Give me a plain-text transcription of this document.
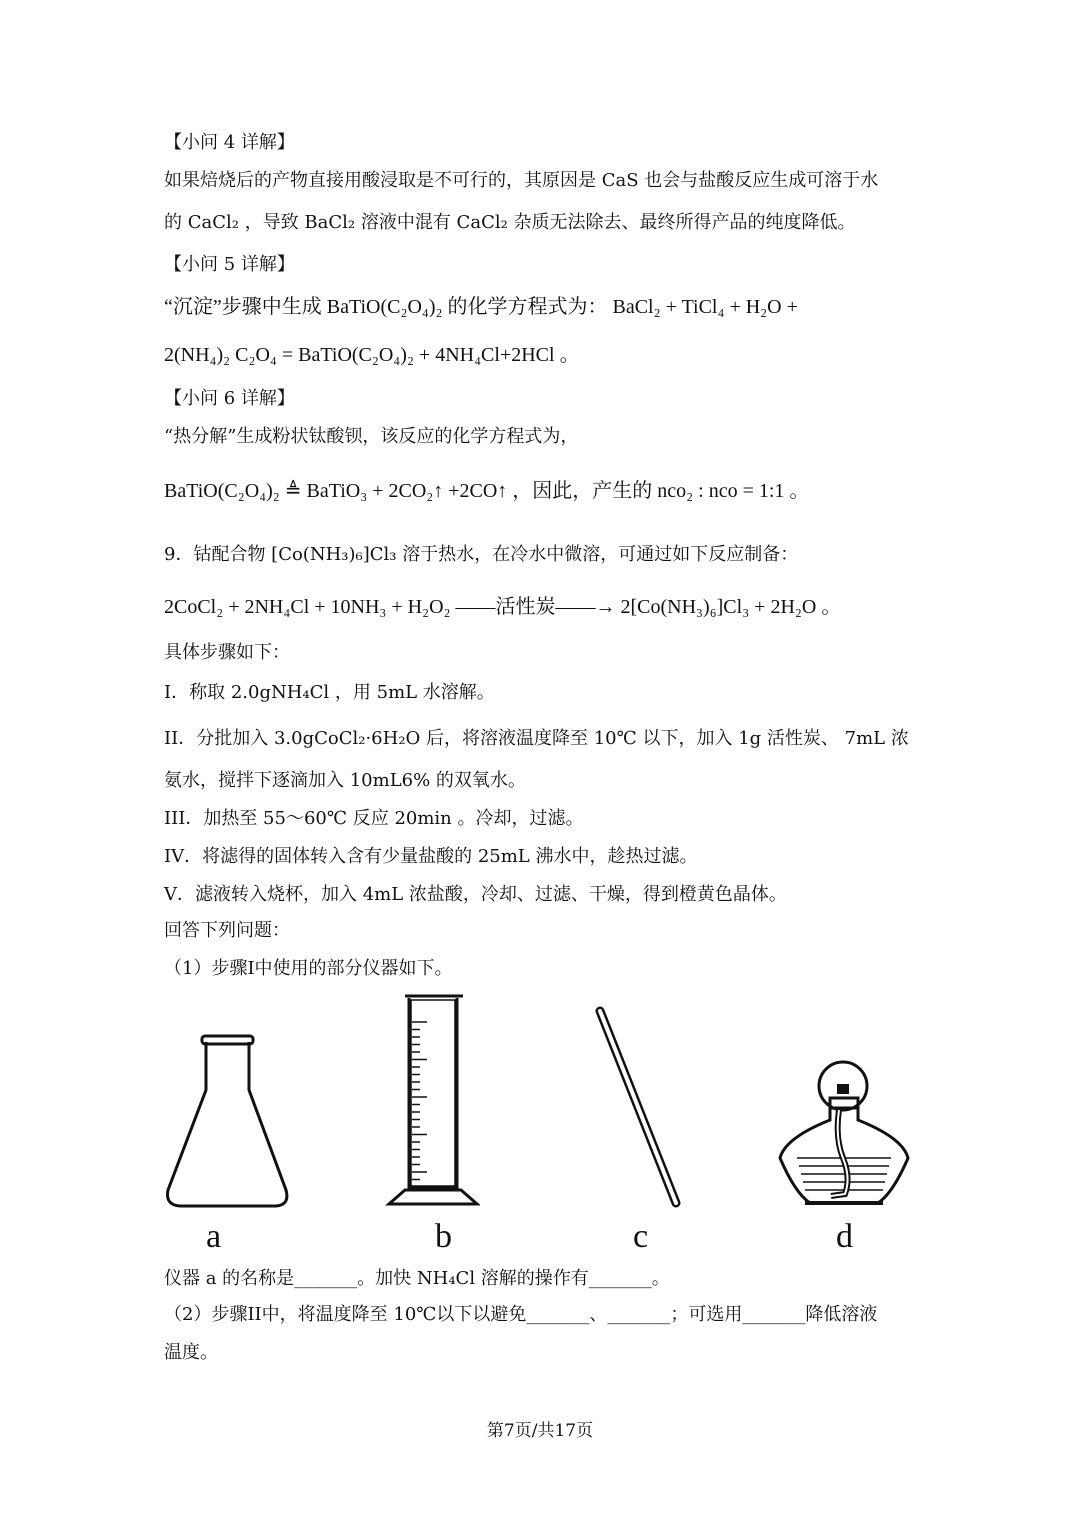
【小问 4 详解】
如果焙烧后的产物直接用酸浸取是不可行的，其原因是 CaS 也会与盐酸反应生成可溶于水
的 CaCl₂ ，导致 BaCl₂ 溶液中混有 CaCl₂ 杂质无法除去、最终所得产品的纯度降低。
【小问 5 详解】
“沉淀”步骤中生成 BaTiO(C₂O₄)₂ 的化学方程式为： BaCl₂ + TiCl₄ + H₂O +
2(NH₄)₂ C₂O₄ = BaTiO(C₂O₄)₂ + 4NH₄Cl+2HCl 。
【小问 6 详解】
“热分解”生成粉状钛酸钡，该反应的化学方程式为，
BaTiO(C₂O₄)₂ ≜ BaTiO₃ + 2CO₂↑ +2CO↑ ，因此，产生的 nco₂ : nco = 1:1 。
9．钴配合物 [Co(NH₃)₆]Cl₃ 溶于热水，在冷水中微溶，可通过如下反应制备：
2CoCl₂ + 2NH₄Cl + 10NH₃ + H₂O₂ ——活性炭——→ 2[Co(NH₃)₆]Cl₃ + 2H₂O 。
具体步骤如下：
I．称取 2.0gNH₄Cl ，用 5mL 水溶解。
II．分批加入 3.0gCoCl₂·6H₂O 后，将溶液温度降至 10℃ 以下，加入 1g 活性炭、 7mL 浓
氨水，搅拌下逐滴加入 10mL6% 的双氧水。
III．加热至 55～60℃ 反应 20min 。冷却，过滤。
IV．将滤得的固体转入含有少量盐酸的 25mL 沸水中，趁热过滤。
V．滤液转入烧杯，加入 4mL 浓盐酸，冷却、过滤、干燥，得到橙黄色晶体。
回答下列问题：
（1）步骤I中使用的部分仪器如下。
a	b	c	d
仪器 a 的名称是_______。加快 NH₄Cl 溶解的操作有_______。
（2）步骤II中，将温度降至 10℃以下以避免_______、_______；可选用_______降低溶液
温度。
第7页/共17页
